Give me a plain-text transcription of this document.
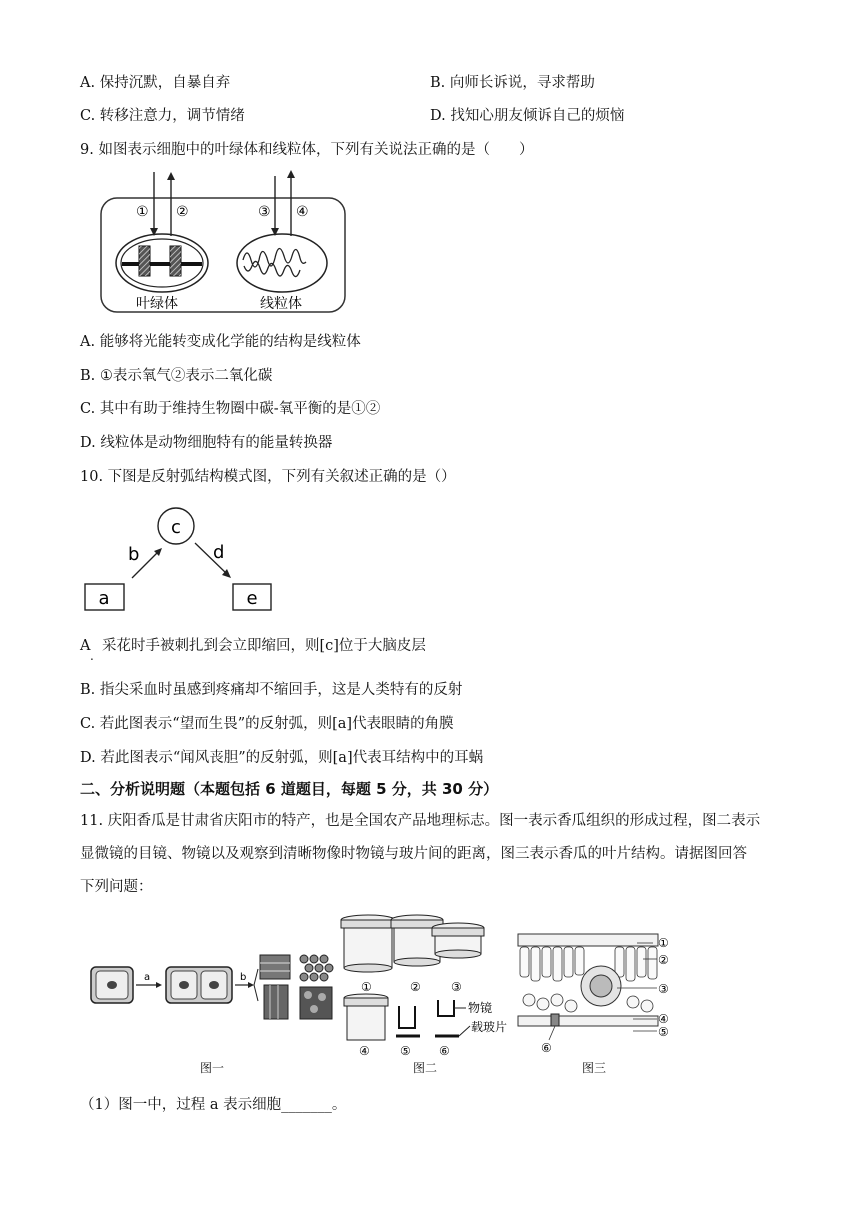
A. 保持沉默，自暴自弃	B. 向师长诉说，寻求帮助
C. 转移注意力，调节情绪	D. 找知心朋友倾诉自己的烦恼
9. 如图表示细胞中的叶绿体和线粒体，下列有关说法正确的是（　　）
① ②	③ ④
叶绿体	线粒体
A. 能够将光能转变成化学能的结构是线粒体
B. ①表示氧气②表示二氧化碳
C. 其中有助于维持生物圈中碳-氧平衡的是①②
D. 线粒体是动物细胞特有的能量转换器
10. 下图是反射弧结构模式图，下列有关叙述正确的是（）
c
a	e
b	d
A
.
采花时手被刺扎到会立即缩回，则[c]位于大脑皮层
B. 指尖采血时虽感到疼痛却不缩回手，这是人类特有的反射
C. 若此图表示“望而生畏”的反射弧，则[a]代表眼睛的角膜
D. 若此图表示“闻风丧胆”的反射弧，则[a]代表耳结构中的耳蜗
二、分析说明题（本题包括 6 道题目，每题 5 分，共 30 分）
11. 庆阳香瓜是甘肃省庆阳市的特产，也是全国农产品地理标志。图一表示香瓜组织的形成过程，图二表示
显微镜的目镜、物镜以及观察到清晰物像时物镜与玻片间的距离，图三表示香瓜的叶片结构。请据图回答
下列问题：
a	b
图一
①	②	③
④	⑤ ⑥
物镜
载玻片
图二
①
②
③
④
⑤
⑥
图三
（1）图一中，过程 a 表示细胞_______。
